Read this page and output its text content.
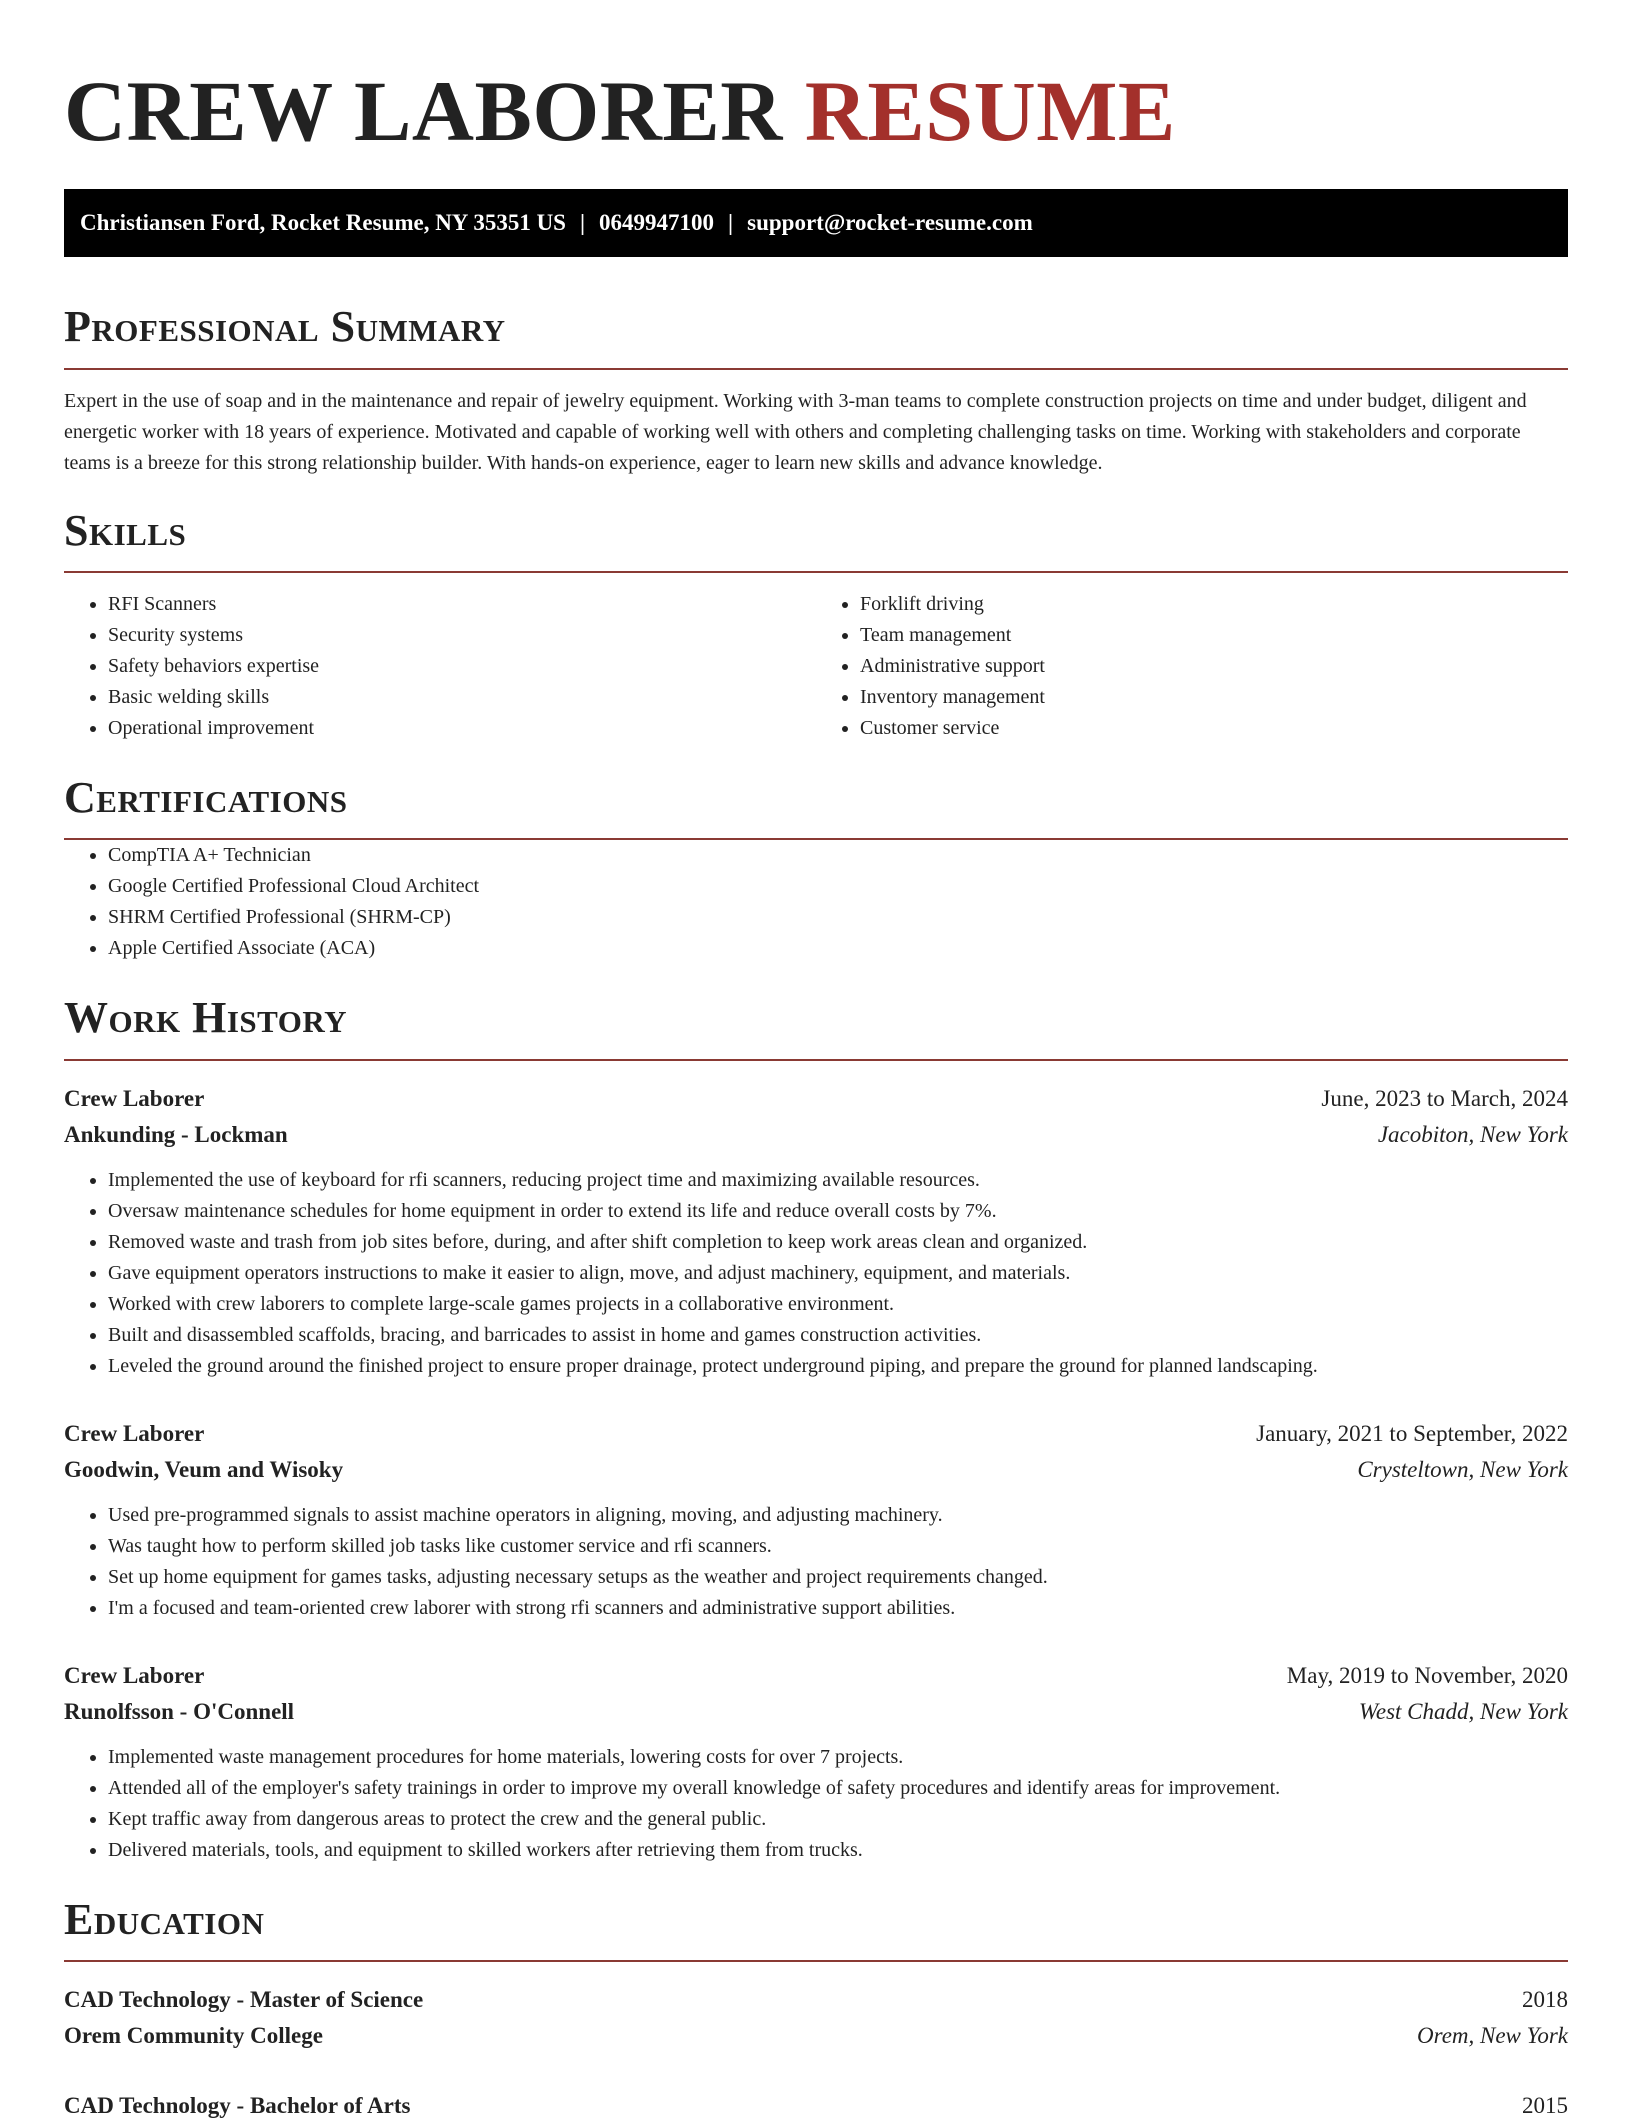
CREW LABORER RESUME
Christiansen Ford, Rocket Resume, NY 35351 US | 0649947100 | support@rocket-resume.com
Professional Summary

Expert in the use of soap and in the maintenance and repair of jewelry equipment. Working with 3-man teams to complete construction projects on time and under budget, diligent and energetic worker with 18 years of experience. Motivated and capable of working well with others and completing challenging tasks on time. Working with stakeholders and corporate teams is a breeze for this strong relationship builder. With hands-on experience, eager to learn new skills and advance knowledge.

Skills
• RFI Scanners
• Security systems
• Safety behaviors expertise
• Basic welding skills
• Operational improvement
• Forklift driving
• Team management
• Administrative support
• Inventory management
• Customer service
Certifications
• CompTIA A+ Technician
• Google Certified Professional Cloud Architect
• SHRM Certified Professional (SHRM-CP)
• Apple Certified Associate (ACA)
Work History
Crew Laborer	June, 2023 to March, 2024
Ankunding - Lockman	Jacobiton, New York
• Implemented the use of keyboard for rfi scanners, reducing project time and maximizing available resources.
• Oversaw maintenance schedules for home equipment in order to extend its life and reduce overall costs by 7%.
• Removed waste and trash from job sites before, during, and after shift completion to keep work areas clean and organized.
• Gave equipment operators instructions to make it easier to align, move, and adjust machinery, equipment, and materials.
• Worked with crew laborers to complete large-scale games projects in a collaborative environment.
• Built and disassembled scaffolds, bracing, and barricades to assist in home and games construction activities.
• Leveled the ground around the finished project to ensure proper drainage, protect underground piping, and prepare the ground for planned landscaping.
Crew Laborer	January, 2021 to September, 2022
Goodwin, Veum and Wisoky	Crysteltown, New York
• Used pre-programmed signals to assist machine operators in aligning, moving, and adjusting machinery.
• Was taught how to perform skilled job tasks like customer service and rfi scanners.
• Set up home equipment for games tasks, adjusting necessary setups as the weather and project requirements changed.
• I'm a focused and team-oriented crew laborer with strong rfi scanners and administrative support abilities.
Crew Laborer	May, 2019 to November, 2020
Runolfsson - O'Connell	West Chadd, New York
• Implemented waste management procedures for home materials, lowering costs for over 7 projects.
• Attended all of the employer's safety trainings in order to improve my overall knowledge of safety procedures and identify areas for improvement.
• Kept traffic away from dangerous areas to protect the crew and the general public.
• Delivered materials, tools, and equipment to skilled workers after retrieving them from trucks.
Education
CAD Technology - Master of Science	2018
Orem Community College	Orem, New York
CAD Technology - Bachelor of Arts	2015
